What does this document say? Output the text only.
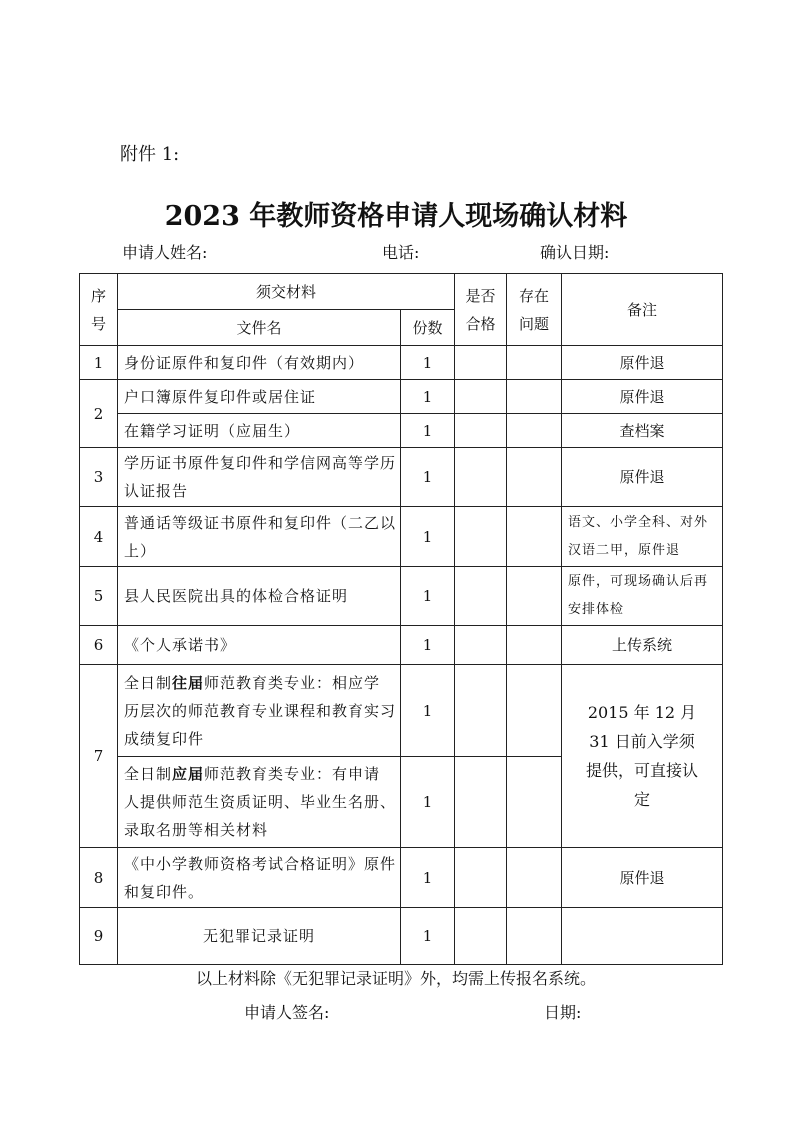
附件 1:
2023 年教师资格申请人现场确认材料
申请人姓名:	电话:	确认日期:
序号	须交材料		是否合格	存在问题	备注
	文件名	份数			
1	身份证原件和复印件（有效期内）	1			原件退
2	户口簿原件复印件或居住证	1			原件退
	在籍学习证明（应届生）	1			查档案
3	学历证书原件复印件和学信网高等学历认证报告	1			原件退
4	普通话等级证书原件和复印件（二乙以上）	1			语文、小学全科、对外汉语二甲，原件退
5	县人民医院出具的体检合格证明	1			原件，可现场确认后再安排体检
6	《个人承诺书》	1			上传系统
7	全日制往届师范教育类专业：相应学历层次的师范教育专业课程和教育实习成绩复印件	1			2015 年 12 月 31 日前入学须提供，可直接认定

	全日制应届师范教育类专业：有申请人提供师范生资质证明、毕业生名册、录取名册等相关材料	1			
8	《中小学教师资格考试合格证明》原件和复印件。	1			原件退
9	无犯罪记录证明	1			
以上材料除《无犯罪记录证明》外，均需上传报名系统。
申请人签名:	日期:
